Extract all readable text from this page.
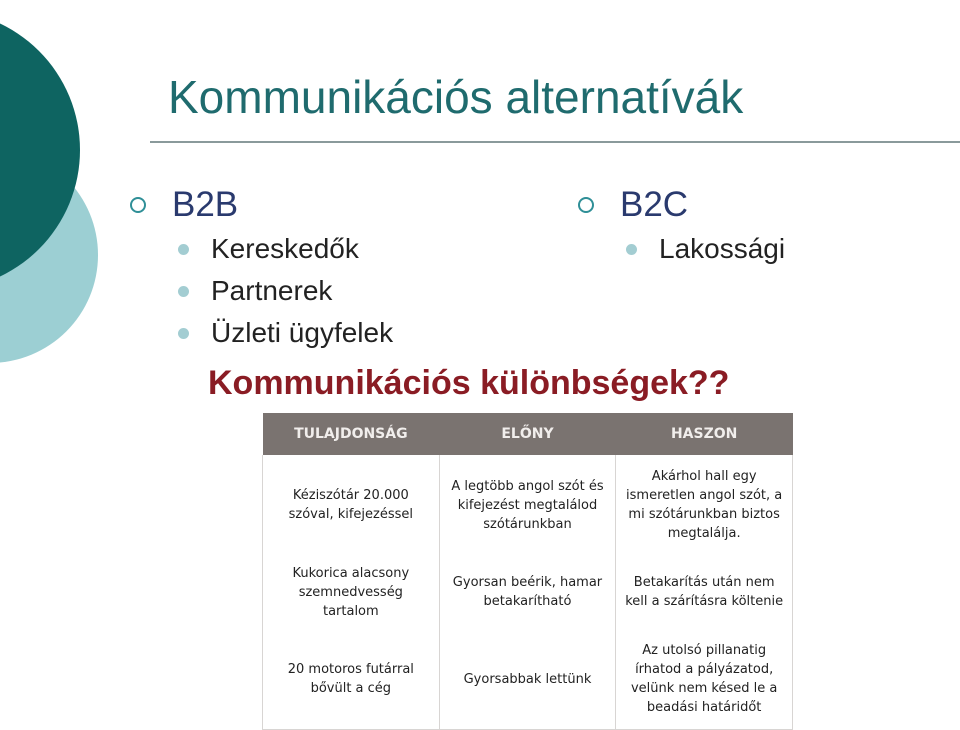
Kommunikációs alternatívák
B2B
Kereskedők
Partnerek
Üzleti ügyfelek
B2C
Lakossági
Kommunikációs különbségek??
TULAJDONSÁG	ELŐNY	HASZON
Kéziszótár 20.000 szóval, kifejezéssel	A legtöbb angol szót és kifejezést megtalálod szótárunkban	Akárhol hall egy ismeretlen angol szót, a mi szótárunkban biztos megtalálja.
Kukorica alacsony szemnedvesség tartalom	Gyorsan beérik, hamar betakarítható	Betakarítás után nem kell a szárításra költenie
20 motoros futárral bővült a cég	Gyorsabbak lettünk	Az utolsó pillanatig írhatod a pályázatod, velünk nem késed le a beadási határidőt
